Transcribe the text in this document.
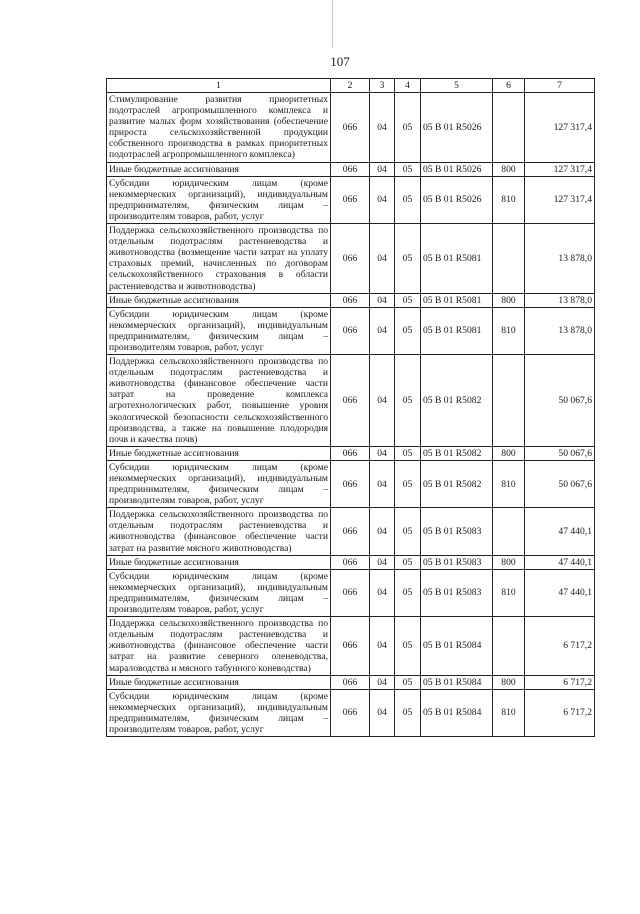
107
1	2	3	4	5	6	7
Стимулирование развития приоритетных подотраслей агропромышленного комплекса и развитие малых форм хозяйствования (обеспечение прироста сельскохозяйственной продукции собственного производства в рамках приоритетных подотраслей агропромышленного комплекса)	066	04	05	05 В 01 R5026		127 317,4
Иные бюджетные ассигнования	066	04	05	05 В 01 R5026	800	127 317,4
Субсидии юридическим лицам (кроме некоммерческих организаций), индивидуальным предпринимателям, физическим лицам – производителям товаров, работ, услуг	066	04	05	05 В 01 R5026	810	127 317,4
Поддержка сельскохозяйственного производства по отдельным подотраслям растениеводства и животноводства (возмещение части затрат на уплату страховых премий, начисленных по договорам сельскохозяйственного страхования в области растениеводства и животноводства)	066	04	05	05 В 01 R5081		13 878,0
Иные бюджетные ассигнования	066	04	05	05 В 01 R5081	800	13 878,0
Субсидии юридическим лицам (кроме некоммерческих организаций), индивидуальным предпринимателям, физическим лицам – производителям товаров, работ, услуг	066	04	05	05 В 01 R5081	810	13 878,0
Поддержка сельскохозяйственного производства по отдельным подотраслям растениеводства и животноводства (финансовое обеспечение части затрат на проведение комплекса агротехнологических работ, повышение уровня экологической безопасности сельскохозяйственного производства, а также на повышение плодородия почв и качества почв)	066	04	05	05 В 01 R5082		50 067,6
Иные бюджетные ассигнования	066	04	05	05 В 01 R5082	800	50 067,6
Субсидии юридическим лицам (кроме некоммерческих организаций), индивидуальным предпринимателям, физическим лицам – производителям товаров, работ, услуг	066	04	05	05 В 01 R5082	810	50 067,6
Поддержка сельскохозяйственного производства по отдельным подотраслям растениеводства и животноводства (финансовое обеспечение части затрат на развитие мясного животноводства)	066	04	05	05 В 01 R5083		47 440,1
Иные бюджетные ассигнования	066	04	05	05 В 01 R5083	800	47 440,1
Субсидии юридическим лицам (кроме некоммерческих организаций), индивидуальным предпринимателям, физическим лицам – производителям товаров, работ, услуг	066	04	05	05 В 01 R5083	810	47 440,1
Поддержка сельскохозяйственного производства по отдельным подотраслям растениеводства и животноводства (финансовое обеспечение части затрат на развитие северного оленеводства, мараловодства и мясного табунного коневодства)	066	04	05	05 В 01 R5084		6 717,2
Иные бюджетные ассигнования	066	04	05	05 В 01 R5084	800	6 717,2
Субсидии юридическим лицам (кроме некоммерческих организаций), индивидуальным предпринимателям, физическим лицам – производителям товаров, работ, услуг	066	04	05	05 В 01 R5084	810	6 717,2
